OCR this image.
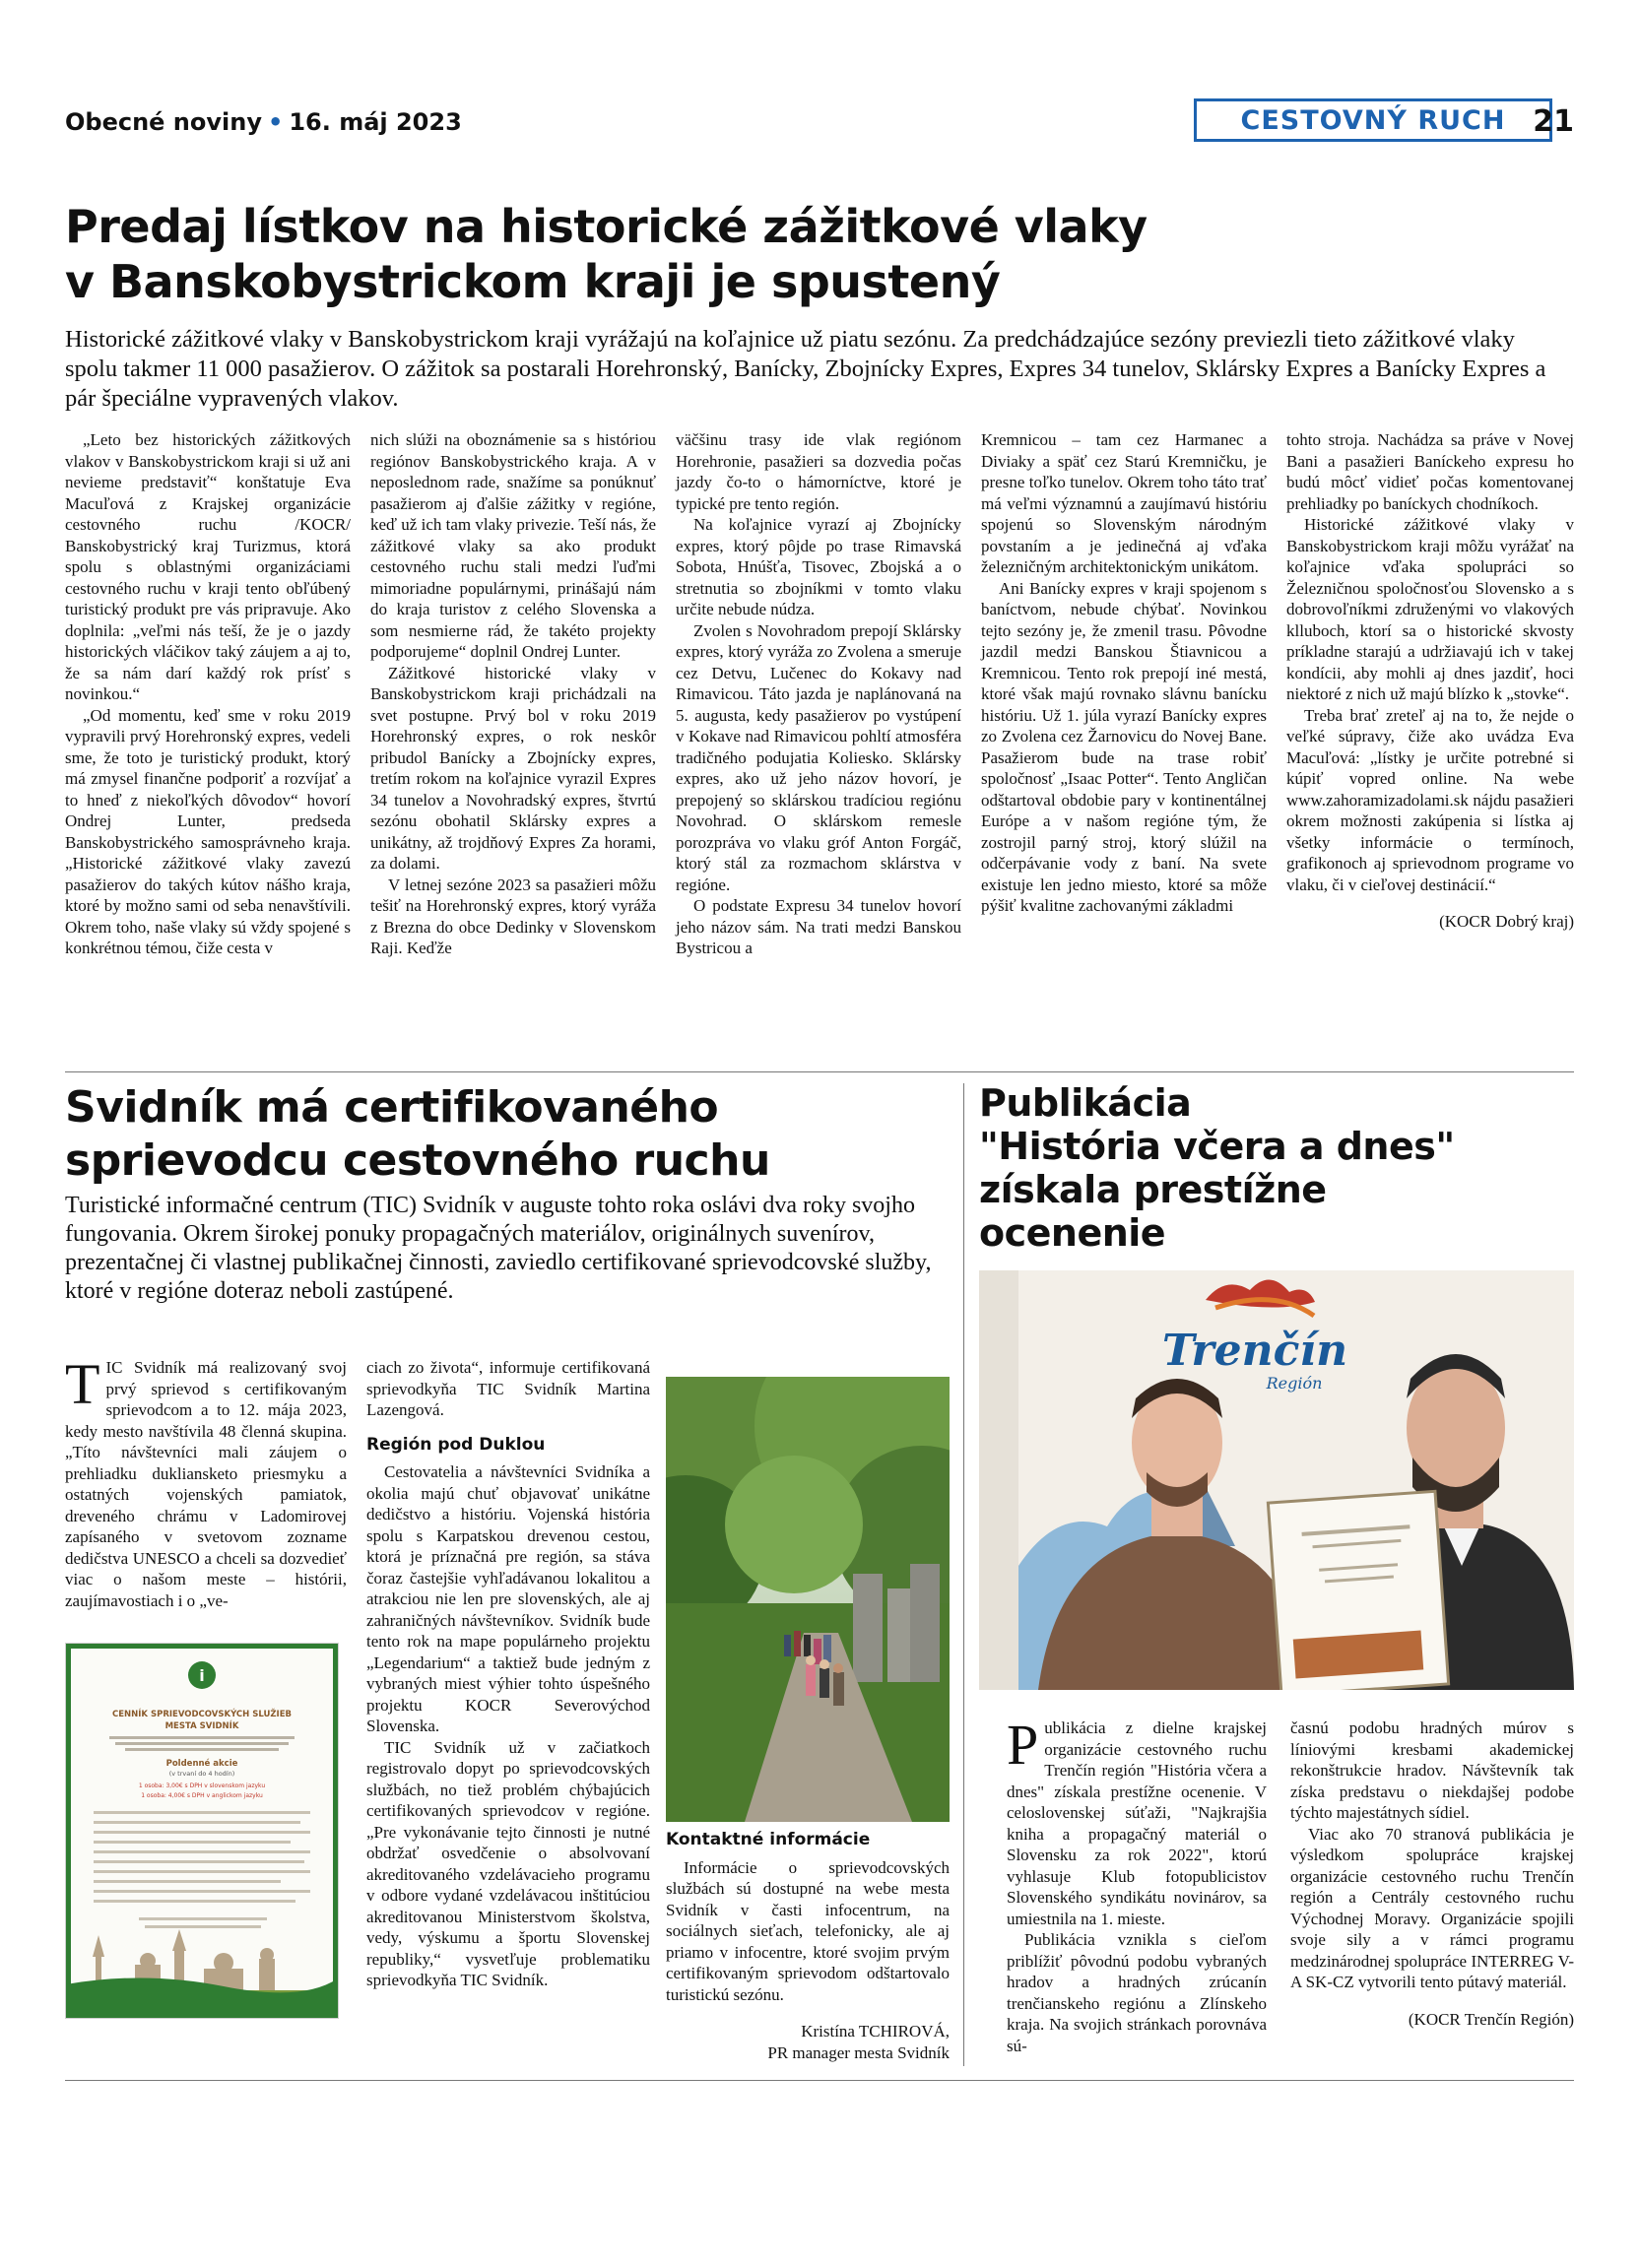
Obecné noviny • 16. máj 2023	CESTOVNÝ RUCH 21
Predaj lístkov na historické zážitkové vlaky
v Banskobystrickom kraji je spustený

Historické zážitkové vlaky v Banskobystrickom kraji vyrážajú na koľajnice už piatu sezónu. Za predchádzajúce sezóny previezli tieto zážitkové vlaky spolu takmer 11 000 pasažierov. O zážitok sa postarali Horehronský, Banícky, Zbojnícky Expres, Expres 34 tunelov, Sklársky Expres a Banícky Expres a pár špeciálne vypravených vlakov.

„Leto bez historických zážitkových vlakov v Banskobystrickom kraji si už ani nevieme predstaviť“ konštatuje Eva Macuľová z Krajskej organizácie cestovného ruchu /KOCR/ Banskobystrický kraj Turizmus, ktorá spolu s oblastnými organizáciami cestovného ruchu v kraji tento obľúbený turistický produkt pre vás pripravuje. Ako doplnila: „veľmi nás teší, že je o jazdy historických vláčikov taký záujem a aj to, že sa nám darí každý rok prísť s novinkou.“

„Od momentu, keď sme v roku 2019 vypravili prvý Horehronský expres, vedeli sme, že toto je turistický produkt, ktorý má zmysel finančne podporiť a rozvíjať a to hneď z niekoľkých dôvodov“ hovorí Ondrej Lunter, predseda Banskobystrického samosprávneho kraja. „Historické zážitkové vlaky zavezú pasažierov do takých kútov nášho kraja, ktoré by možno sami od seba nenavštívili. Okrem toho, naše vlaky sú vždy spojené s konkrétnou témou, čiže cesta v

nich slúži na oboznámenie sa s históriou regiónov Banskobystrického kraja. A v neposlednom rade, snažíme sa ponúknuť pasažierom aj ďalšie zážitky v regióne, keď už ich tam vlaky privezie. Teší nás, že zážitkové vlaky sa ako produkt cestovného ruchu stali medzi ľuďmi mimoriadne populárnymi, prinášajú nám do kraja turistov z celého Slovenska a som nesmierne rád, že takéto projekty podporujeme“ doplnil Ondrej Lunter.

Zážitkové historické vlaky v Banskobystrickom kraji prichádzali na svet postupne. Prvý bol v roku 2019 Horehronský expres, o rok neskôr pribudol Banícky a Zbojnícky expres, tretím rokom na koľajnice vyrazil Expres 34 tunelov a Novohradský expres, štvrtú sezónu obohatil Sklársky expres a unikátny, až trojdňový Expres Za horami, za dolami.

V letnej sezóne 2023 sa pasažieri môžu tešiť na Horehronský expres, ktorý vyráža z Brezna do obce Dedinky v Slovenskom Raji. Keďže

väčšinu trasy ide vlak regiónom Horehronie, pasažieri sa dozvedia počas jazdy čo-to o hámorníctve, ktoré je typické pre tento región.

Na koľajnice vyrazí aj Zbojnícky expres, ktorý pôjde po trase Rimavská Sobota, Hnúšťa, Tisovec, Zbojská a o stretnutia so zbojníkmi v tomto vlaku určite nebude núdza.

Zvolen s Novohradom prepojí Sklársky expres, ktorý vyráža zo Zvolena a smeruje cez Detvu, Lučenec do Kokavy nad Rimavicou. Táto jazda je naplánovaná na 5. augusta, kedy pasažierov po vystúpení v Kokave nad Rimavicou pohltí atmosféra tradičného podujatia Koliesko. Sklársky expres, ako už jeho názov hovorí, je prepojený so sklárskou tradíciou regiónu Novohrad. O sklárskom remesle porozpráva vo vlaku gróf Anton Forgáč, ktorý stál za rozmachom sklárstva v regióne.

O podstate Expresu 34 tunelov hovorí jeho názov sám. Na trati medzi Banskou Bystricou a

Kremnicou – tam cez Harmanec a Diviaky a späť cez Starú Kremničku, je presne toľko tunelov. Okrem toho táto trať má veľmi významnú a zaujímavú históriu spojenú so Slovenským národným povstaním a je jedinečná aj vďaka železničným architektonickým unikátom.

Ani Banícky expres v kraji spojenom s baníctvom, nebude chýbať. Novinkou tejto sezóny je, že zmenil trasu. Pôvodne jazdil medzi Banskou Štiavnicou a Kremnicou. Tento rok prepojí iné mestá, ktoré však majú rovnako slávnu banícku históriu. Už 1. júla vyrazí Banícky expres zo Zvolena cez Žarnovicu do Novej Bane. Pasažierom bude na trase robiť spoločnosť „Isaac Potter“. Tento Angličan odštartoval obdobie pary v kontinentálnej Európe a v našom regióne tým, že zostrojil parný stroj, ktorý slúžil na odčerpávanie vody z baní. Na svete existuje len jedno miesto, ktoré sa môže pýšiť kvalitne zachovanými základmi

tohto stroja. Nachádza sa práve v Novej Bani a pasažieri Baníckeho expresu ho budú môcť vidieť počas komentovanej prehliadky po baníckych chodníkoch.

Historické zážitkové vlaky v Banskobystrickom kraji môžu vyrážať na koľajnice vďaka spolupráci so Železničnou spoločnosťou Slovensko a s dobrovoľníkmi združenými vo vlakových klluboch, ktorí sa o historické skvosty príkladne starajú a udržiavajú ich v takej kondícii, aby mohli aj dnes jazdiť, hoci niektoré z nich už majú blízko k „stovke“.

Treba brať zreteľ aj na to, že nejde o veľké súpravy, čiže ako uvádza Eva Macuľová: „lístky je určite potrebné si kúpiť vopred online. Na webe www.zahoramizadolami.sk nájdu pasažieri okrem možnosti zakúpenia si lístka aj všetky informácie o termínoch, grafikonoch aj sprievodnom programe vo vlaku, či v cieľovej destinácií.“

(KOCR Dobrý kraj)
Svidník má certifikovaného
sprievodcu cestovného ruchu

Turistické informačné centrum (TIC) Svidník v auguste tohto roka oslávi dva roky svojho fungovania. Okrem širokej ponuky propagačných materiálov, originálnych suvenírov, prezentačnej či vlastnej publikačnej činnosti, zaviedlo certifikované sprievodcovské služby, ktoré v regióne doteraz neboli zastúpené.

TIC Svidník má realizovaný svoj prvý sprievod s certifikovaným sprievodcom a to 12. mája 2023, kedy mesto navštívila 48 členná skupina. „Títo návštevníci mali záujem o prehliadku dukliansketo priesmyku a ostatných vojenských pamiatok, dreveného chrámu v Ladomirovej zapísaného v svetovom zozname dedičstva UNESCO a chceli sa dozvedieť viac o našom meste – histórii, zaujímavostiach i o „ve-

ciach zo života“, informuje certifikovaná sprievodkyňa TIC Svidník Martina Lazengová.

Región pod Duklou

Cestovatelia a návštevníci Svidníka a okolia majú chuť objavovať unikátne dedičstvo a históriu. Vojenská história spolu s Karpatskou drevenou cestou, ktorá je príznačná pre región, sa stáva čoraz častejšie vyhľadávanou lokalitou a atrakciou nie len pre slovenských, ale aj zahraničných návštevníkov. Svidník bude tento rok na mape populárneho projektu „Legendarium“ a taktiež bude jedným z vybraných miest výhier tohto úspešného projektu KOCR Severovýchod Slovenska.

TIC Svidník už v začiatkoch registrovalo dopyt po sprievodcovských službách, no tiež problém chýbajúcich certifikovaných sprievodcov v regióne. „Pre vykonávanie tejto činnosti je nutné obdržať osvedčenie o absolvovaní akreditovaného vzdelávacieho programu v odbore vydané vzdelávacou inštitúciou akreditovanou Ministerstvom školstva, vedy, výskumu a športu Slovenskej republiky,“ vysvetľuje problematiku sprievodkyňa TIC Svidník.

Kontaktné informácie

Informácie o sprievodcovských službách sú dostupné na webe mesta Svidník v časti infocentrum, na sociálnych sieťach, telefonicky, ale aj priamo v infocentre, ktoré svojim prvým certifikovaným sprievodom odštartovalo turistickú sezónu.

Kristína TCHIROVÁ,
PR manager mesta Svidník
i
CENNÍK SPRIEVODCOVSKÝCH SLUŽIEB
MESTA SVIDNÍK
Poldenné akcie
(v trvaní do 4 hodín)
1 osoba: 3,00€ s DPH v slovenskom jazyku
1 osoba: 4,00€ s DPH v anglickom jazyku
Publikácia
"História včera a dnes"
získala prestížne
ocenenie
Trenčín
Región

Publikácia z dielne krajskej organizácie cestovného ruchu Trenčín región "História včera a dnes" získala prestížne ocenenie. V celoslovenskej súťaži, "Najkrajšia kniha a propagačný materiál o Slovensku za rok 2022", ktorú vyhlasuje Klub fotopublicistov Slovenského syndikátu novinárov, sa umiestnila na 1. mieste.

Publikácia vznikla s cieľom priblížiť pôvodnú podobu vybraných hradov a hradných zrúcanín trenčianskeho regiónu a Zlínskeho kraja. Na svojich stránkach porovnáva sú-

časnú podobu hradných múrov s líniovými kresbami akademickej rekonštrukcie hradov. Návštevník tak získa predstavu o niekdajšej podobe týchto majestátnych sídiel.

Viac ako 70 stranová publikácia je výsledkom spolupráce krajskej organizácie cestovného ruchu Trenčín región a Centrály cestovného ruchu Východnej Moravy. Organizácie spojili svoje sily a v rámci programu medzinárodnej spolupráce INTERREG V-A SK-CZ vytvorili tento pútavý materiál.

(KOCR Trenčín Región)
